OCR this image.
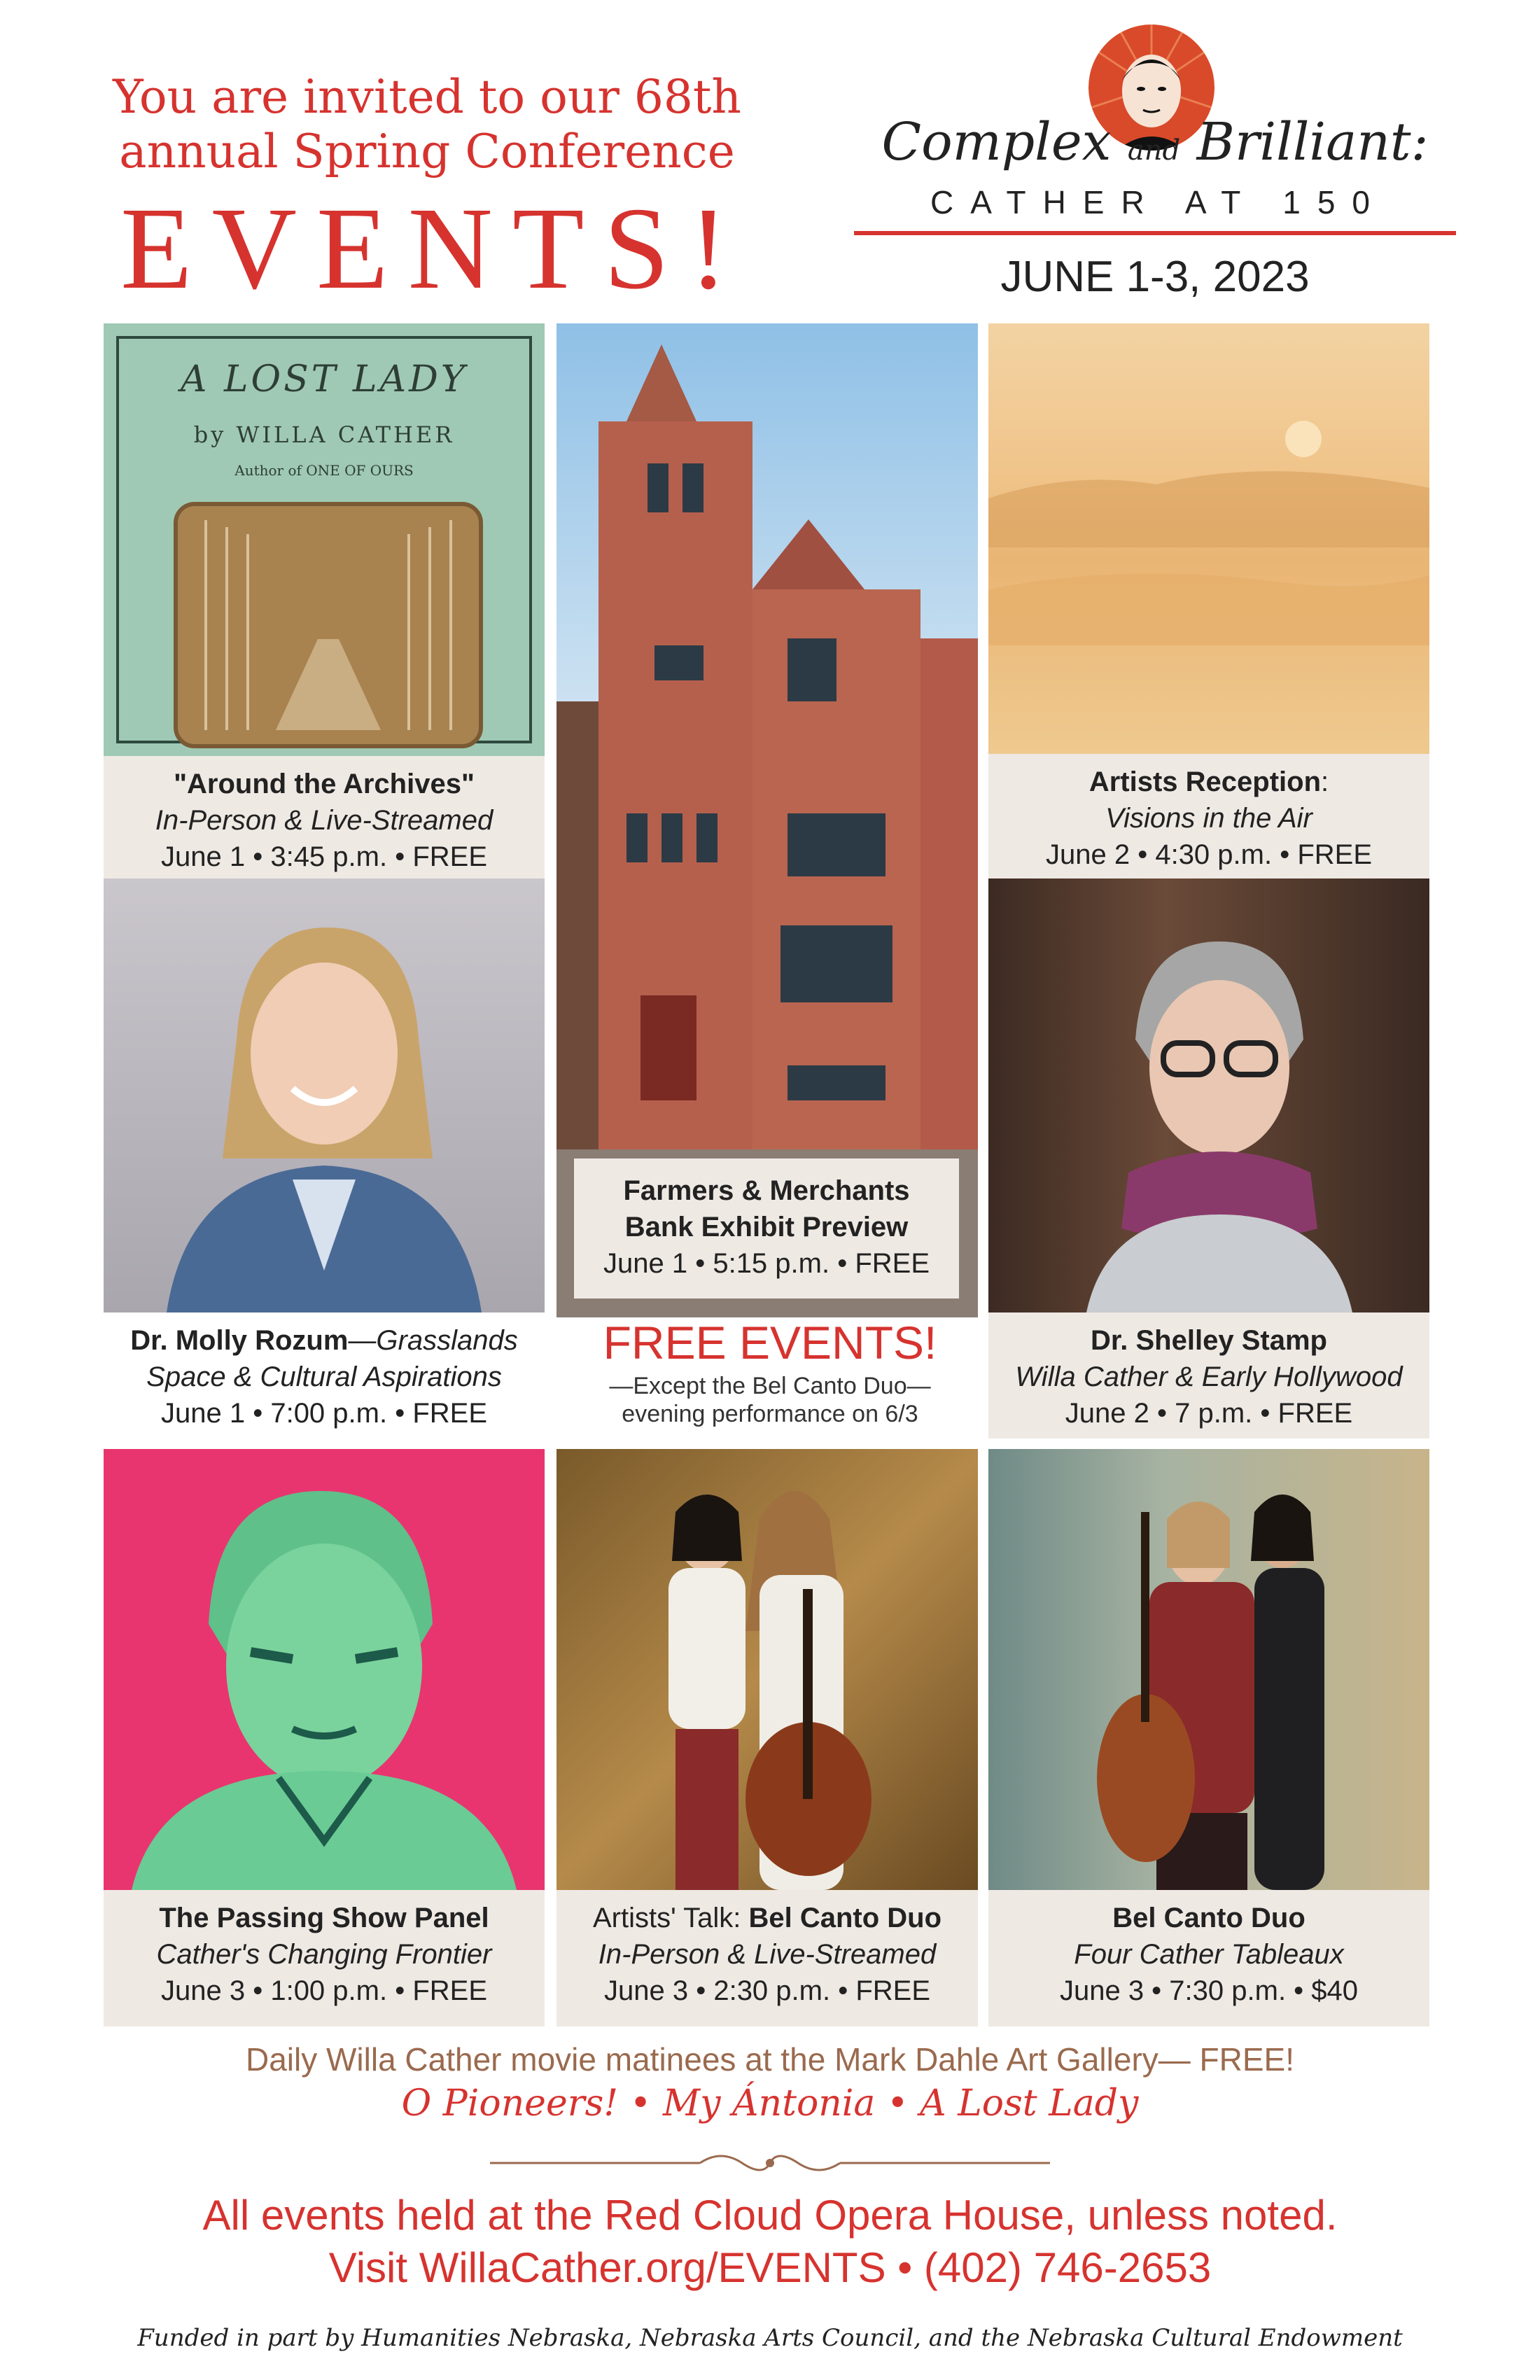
You are invited to our 68th
annual Spring Conference
EVENTS!
Complex and Brilliant:
CATHER AT 150
JUNE 1-3, 2023
A LOST LADY
by WILLA CATHER
Author of ONE OF OURS
"Around the Archives"
In-Person & Live-Streamed
June 1 • 3:45 p.m. • FREE
Farmers & Merchants
Bank Exhibit Preview
June 1 • 5:15 p.m. • FREE
Artists Reception:
Visions in the Air
June 2 • 4:30 p.m. • FREE
Dr. Molly Rozum—Grasslands
Space & Cultural Aspirations
June 1 • 7:00 p.m. • FREE
FREE EVENTS!
—Except the Bel Canto Duo—
evening performance on 6/3
Dr. Shelley Stamp
Willa Cather & Early Hollywood
June 2 • 7 p.m. • FREE
The Passing Show Panel
Cather's Changing Frontier
June 3 • 1:00 p.m. • FREE
Artists' Talk: Bel Canto Duo
In-Person & Live-Streamed
June 3 • 2:30 p.m. • FREE
Bel Canto Duo
Four Cather Tableaux
June 3 • 7:30 p.m. • $40
Daily Willa Cather movie matinees at the Mark Dahle Art Gallery— FREE!
O Pioneers! • My Ántonia • A Lost Lady
All events held at the Red Cloud Opera House, unless noted.
Visit WillaCather.org/EVENTS • (402) 746-2653
Funded in part by Humanities Nebraska, Nebraska Arts Council, and the Nebraska Cultural Endowment
